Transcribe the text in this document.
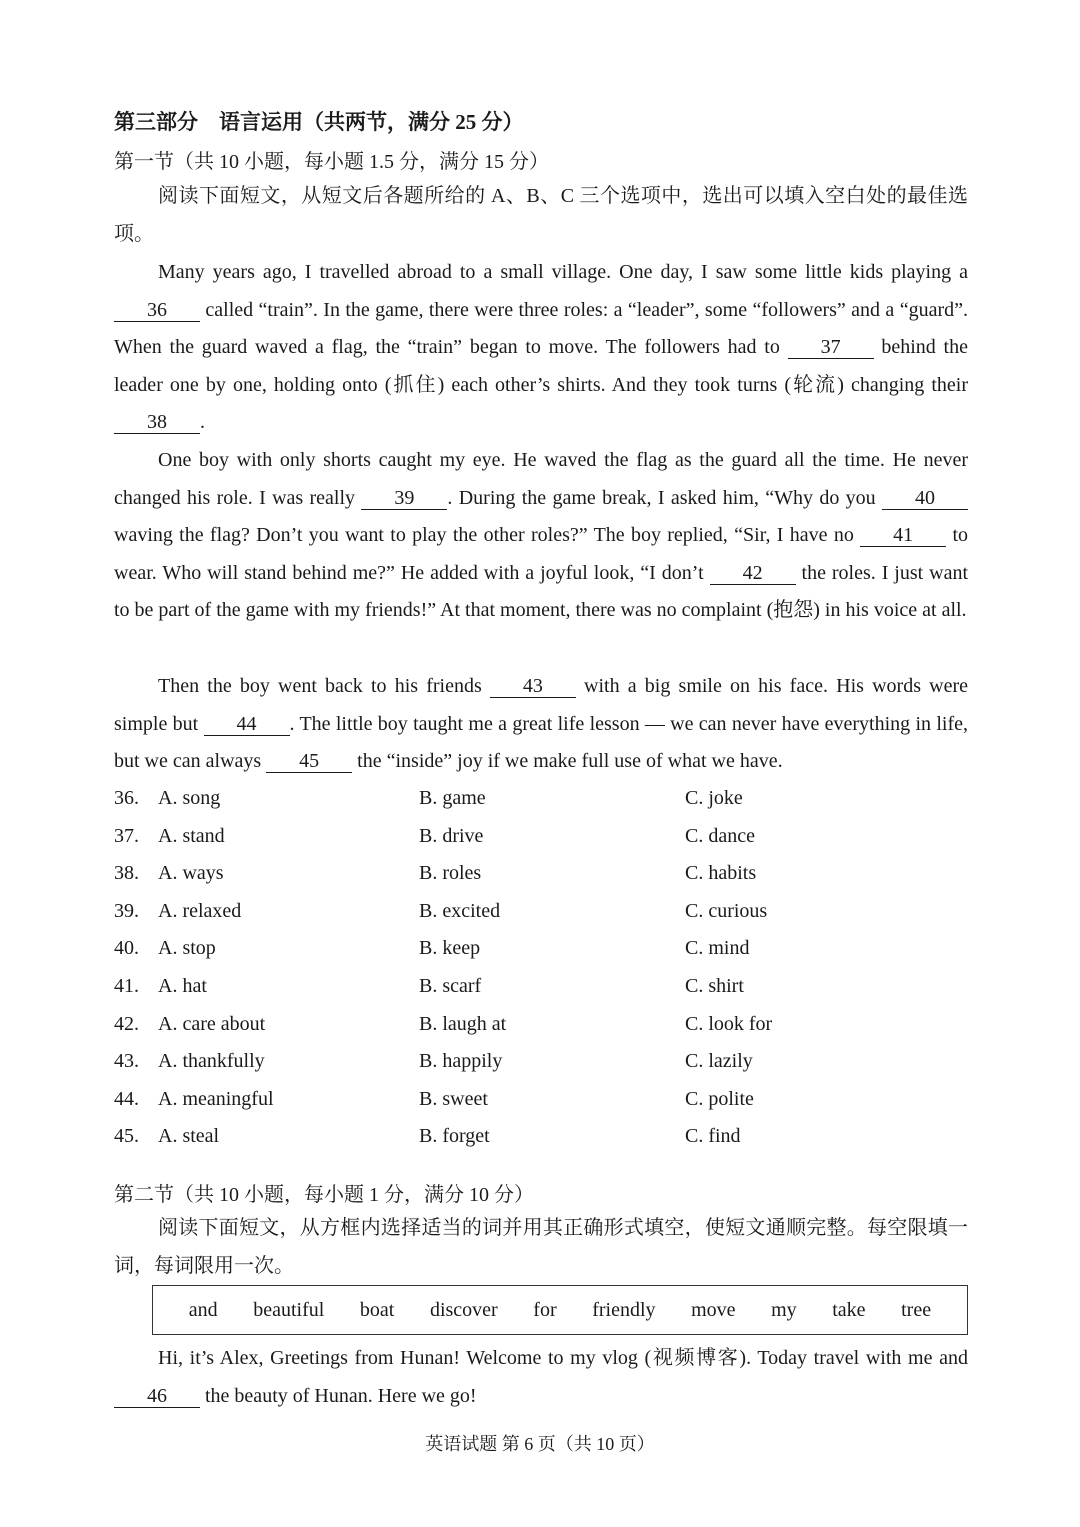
第三部分　语言运用（共两节，满分 25 分）
第一节（共 10 小题，每小题 1.5 分，满分 15 分）

阅读下面短文，从短文后各题所给的 A、B、C 三个选项中，选出可以填入空白处的最佳选项。

Many years ago, I travelled abroad to a small village. One day, I saw some little kids playing a 36 called “train”. In the game, there were three roles: a “leader”, some “followers” and a “guard”. When the guard waved a flag, the “train” began to move. The followers had to 37 behind the leader one by one, holding onto (抓住) each other’s shirts. And they took turns (轮流) changing their 38 .

One boy with only shorts caught my eye. He waved the flag as the guard all the time. He never changed his role. I was really 39 . During the game break, I asked him, “Why do you 40 waving the flag? Don’t you want to play the other roles?” The boy replied, “Sir, I have no 41 to wear. Who will stand behind me?” He added with a joyful look, “I don’t 42 the roles. I just want to be part of the game with my friends!” At that moment, there was no complaint (抱怨) in his voice at all.

Then the boy went back to his friends 43 with a big smile on his face. His words were simple but 44 . The little boy taught me a great life lesson — we can never have everything in life, but we can always 45 the “inside” joy if we make full use of what we have.

36. A. song	B. game	C. joke
37. A. stand	B. drive	C. dance
38. A. ways	B. roles	C. habits
39. A. relaxed	B. excited	C. curious
40. A. stop	B. keep	C. mind
41. A. hat	B. scarf	C. shirt
42. A. care about	B. laugh at	C. look for
43. A. thankfully	B. happily	C. lazily
44. A. meaningful	B. sweet	C. polite
45. A. steal	B. forget	C. find
第二节（共 10 小题，每小题 1 分，满分 10 分）

阅读下面短文，从方框内选择适当的词并用其正确形式填空，使短文通顺完整。每空限填一词，每词限用一次。

and beautiful boat discover for friendly move my take tree

Hi, it’s Alex, Greetings from Hunan! Welcome to my vlog (视频博客). Today travel with me and 46 the beauty of Hunan. Here we go!

英语试题 第 6 页（共 10 页）
